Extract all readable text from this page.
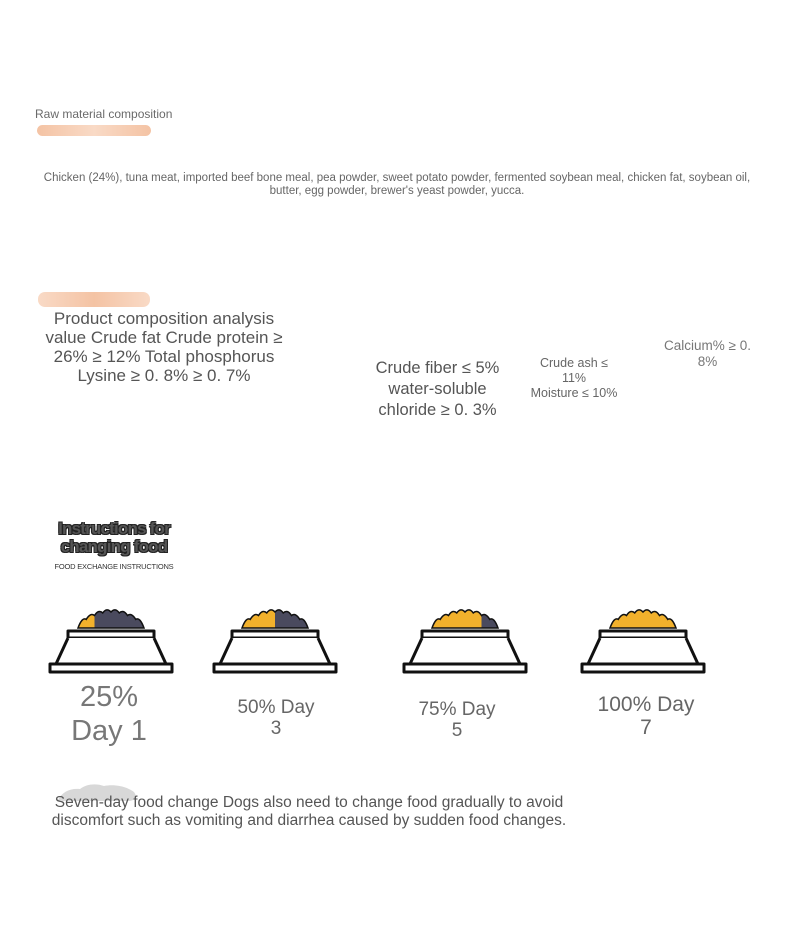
Raw material composition
Chicken (24%), tuna meat, imported beef bone meal, pea powder, sweet potato powder, fermented soybean meal, chicken fat, soybean oil, butter, egg powder, brewer's yeast powder, yucca.
Product composition analysis value Crude fat Crude protein ≥ 26% ≥ 12% Total phosphorus Lysine ≥ 0. 8% ≥ 0. 7%	Crude fiber ≤ 5% water-soluble chloride ≥ 0. 3%
Crude ash ≤ 11%
Moisture ≤ 10%
Calcium% ≥ 0. 8%
Instructions for changing food
FOOD EXCHANGE INSTRUCTIONS
25%
Day 1
50% Day
3
75% Day
5
100% Day
7
Seven-day food change Dogs also need to change food gradually to avoid discomfort such as vomiting and diarrhea caused by sudden food changes.
